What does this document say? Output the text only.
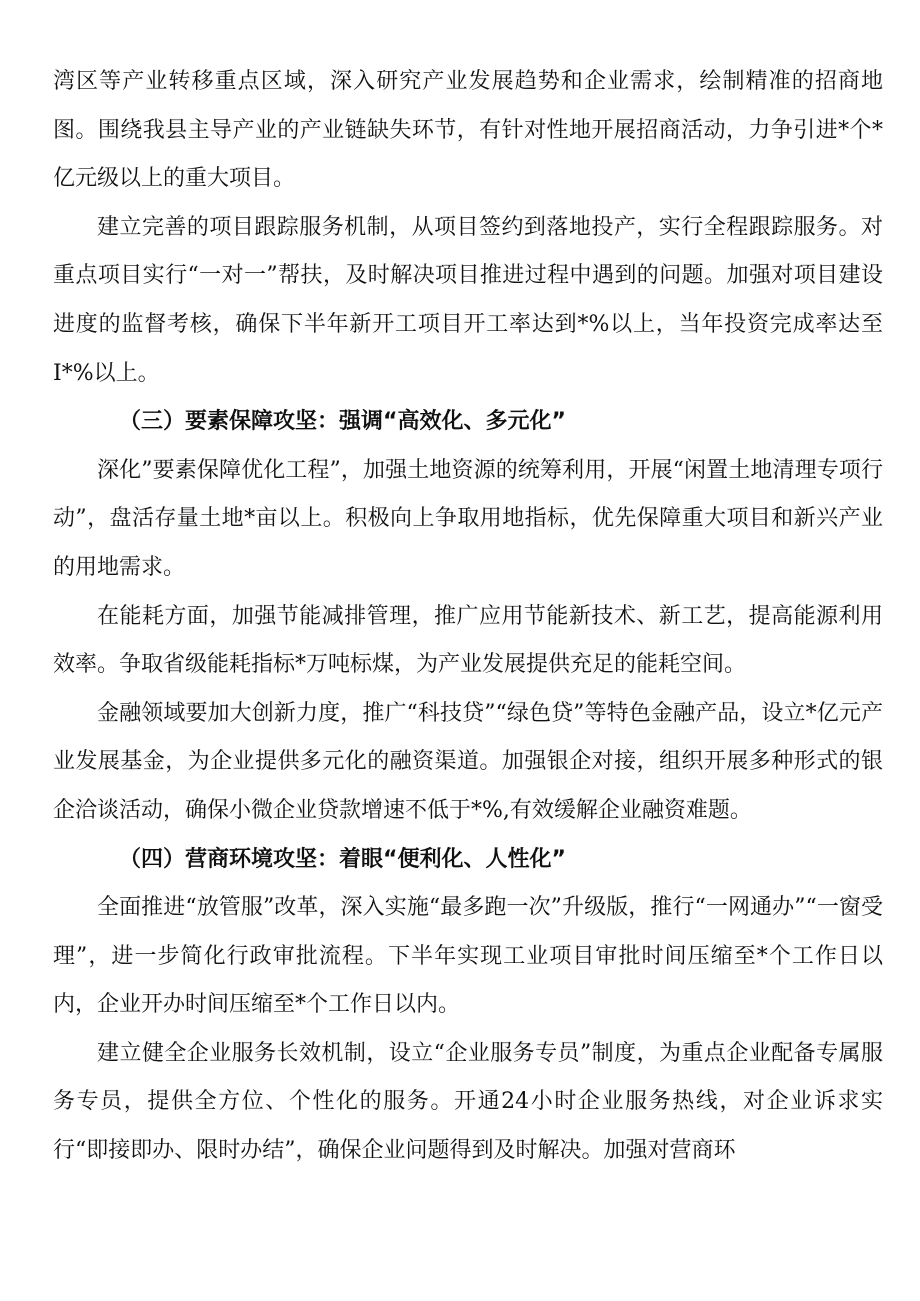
湾区等产业转移重点区域，深入研究产业发展趋势和企业需求，绘制精准的招商地图。围绕我县主导产业的产业链缺失环节，有针对性地开展招商活动，力争引进*个*亿元级以上的重大项目。

建立完善的项目跟踪服务机制，从项目签约到落地投产，实行全程跟踪服务。对重点项目实行“一对一”帮扶，及时解决项目推进过程中遇到的问题。加强对项目建设进度的监督考核，确保下半年新开工项目开工率达到*%以上，当年投资完成率达至I*%以上。

（三）要素保障攻坚：强调“高效化、多元化”

深化”要素保障优化工程”，加强土地资源的统筹利用，开展“闲置土地清理专项行动”，盘活存量土地*亩以上。积极向上争取用地指标，优先保障重大项目和新兴产业的用地需求。

在能耗方面，加强节能减排管理，推广应用节能新技术、新工艺，提高能源利用效率。争取省级能耗指标*万吨标煤，为产业发展提供充足的能耗空间。

金融领域要加大创新力度，推广“科技贷”“绿色贷”等特色金融产品，设立*亿元产业发展基金，为企业提供多元化的融资渠道。加强银企对接，组织开展多种形式的银企洽谈活动，确保小微企业贷款增速不低于*%,有效缓解企业融资难题。

（四）营商环境攻坚：着眼“便利化、人性化”

全面推进“放管服”改革，深入实施“最多跑一次”升级版，推行“一网通办”“一窗受理”，进一步简化行政审批流程。下半年实现工业项目审批时间压缩至*个工作日以内，企业开办时间压缩至*个工作日以内。

建立健全企业服务长效机制，设立“企业服务专员”制度，为重点企业配备专属服务专员，提供全方位、个性化的服务。开通24小时企业服务热线，对企业诉求实行“即接即办、限时办结”，确保企业问题得到及时解决。加强对营商环
